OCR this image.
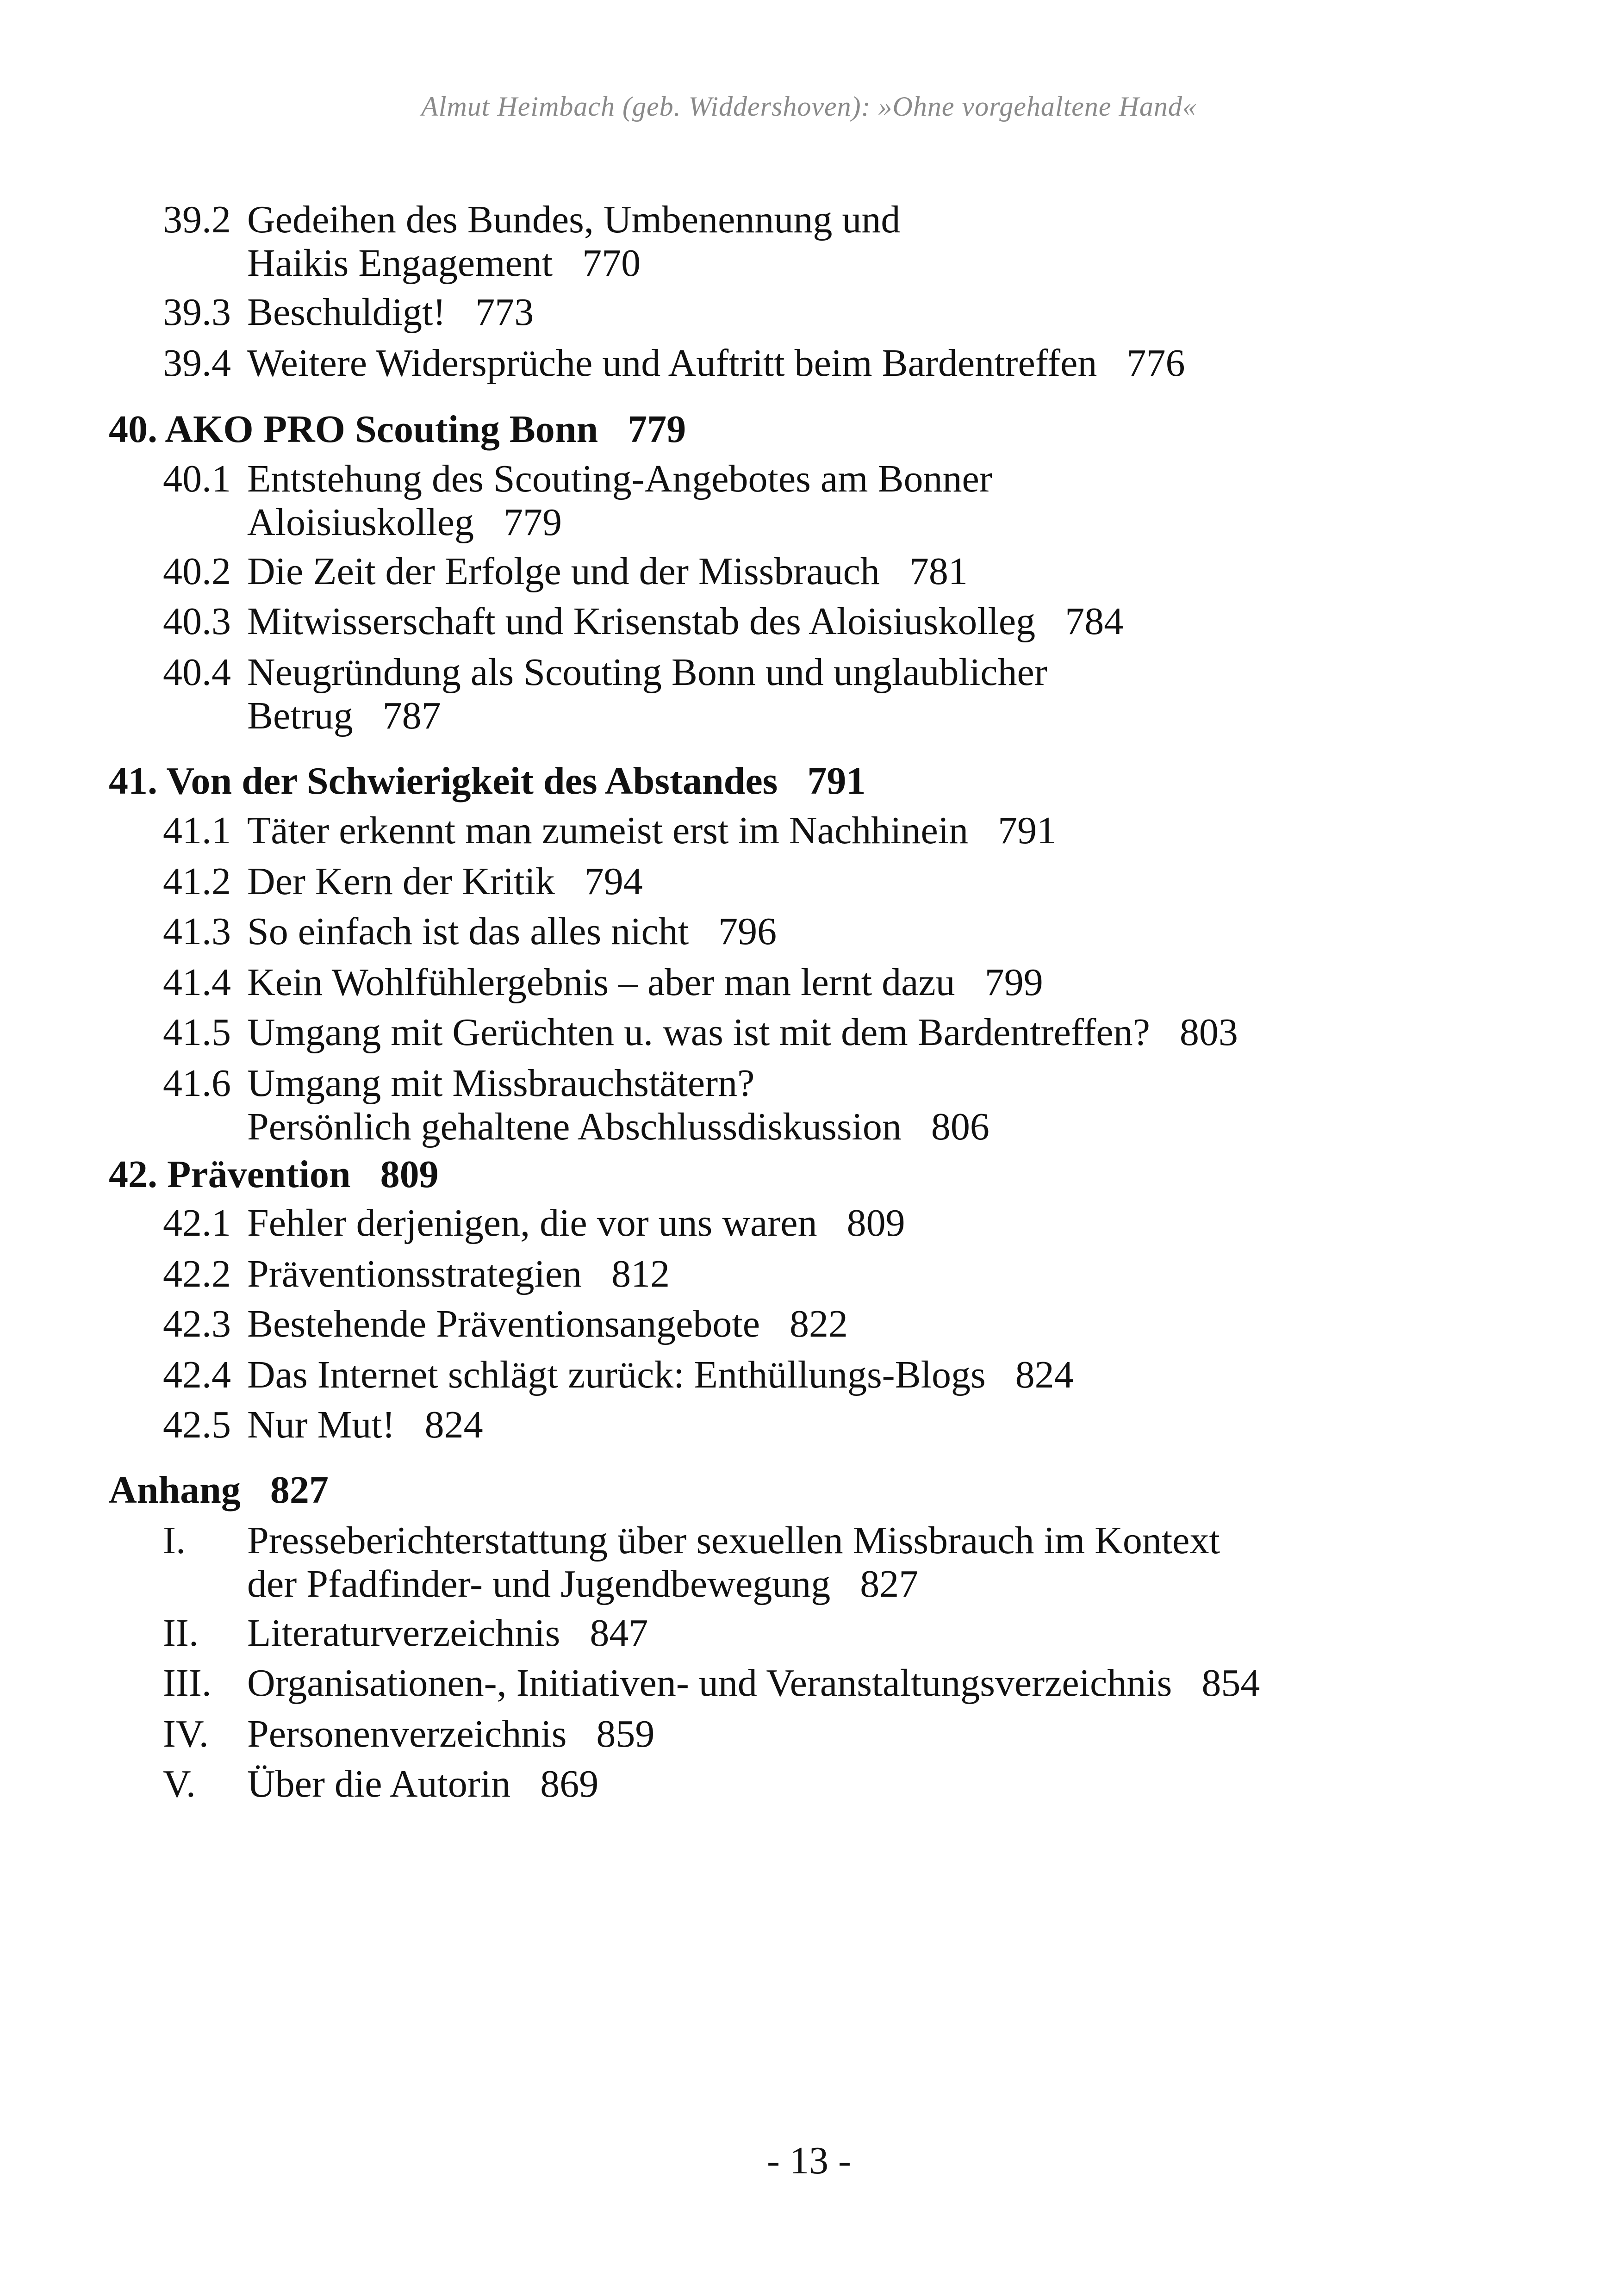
Almut Heimbach (geb. Widdershoven): »Ohne vorgehaltene Hand«
39.2 Gedeihen des Bundes, Umbenennung und
Haikis Engagement 770
39.3 Beschuldigt! 773
39.4 Weitere Widersprüche und Auftritt beim Bardentreffen 776
40. AKO PRO Scouting Bonn 779
40.1 Entstehung des Scouting-Angebotes am Bonner
Aloisiuskolleg 779
40.2 Die Zeit der Erfolge und der Missbrauch 781
40.3 Mitwisserschaft und Krisenstab des Aloisiuskolleg 784
40.4 Neugründung als Scouting Bonn und unglaublicher
Betrug 787
41. Von der Schwierigkeit des Abstandes 791
41.1 Täter erkennt man zumeist erst im Nachhinein 791
41.2 Der Kern der Kritik 794
41.3 So einfach ist das alles nicht 796
41.4 Kein Wohlfühlergebnis – aber man lernt dazu 799
41.5 Umgang mit Gerüchten u. was ist mit dem Bardentreffen? 803
41.6 Umgang mit Missbrauchstätern?
Persönlich gehaltene Abschlussdiskussion 806
42. Prävention 809
42.1 Fehler derjenigen, die vor uns waren 809
42.2 Präventionsstrategien 812
42.3 Bestehende Präventionsangebote 822
42.4 Das Internet schlägt zurück: Enthüllungs-Blogs 824
42.5 Nur Mut! 824
Anhang 827
I. Presseberichterstattung über sexuellen Missbrauch im Kontext
der Pfadfinder- und Jugendbewegung 827
II. Literaturverzeichnis 847
III. Organisationen-, Initiativen- und Veranstaltungsverzeichnis 854
IV. Personenverzeichnis 859
V. Über die Autorin 869
- 13 -
